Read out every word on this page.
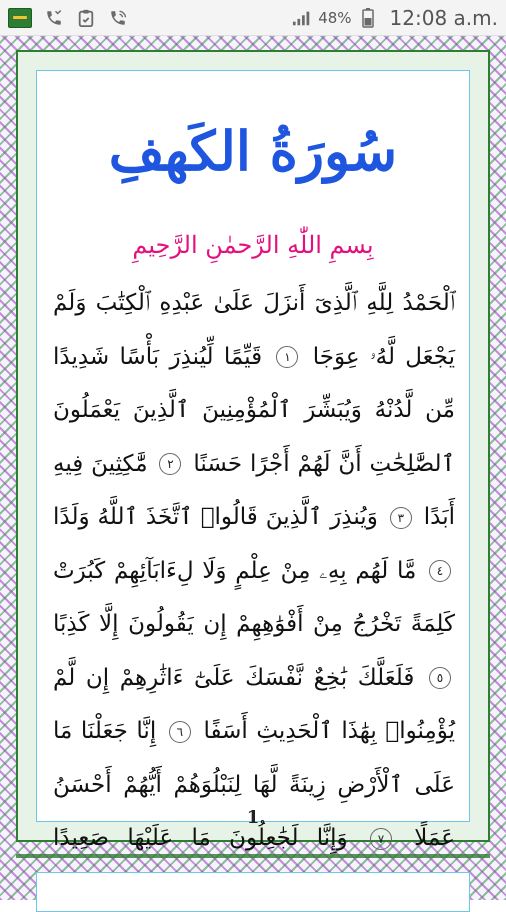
48% 12:08 a.m.
سُورَةُ الكَهفِ
بِسمِ اللّٰهِ الرَّحمٰنِ الرَّحِيمِ
ٱلْحَمْدُ لِلَّهِ ٱلَّذِىٓ أَنزَلَ عَلَىٰ عَبْدِهِ ٱلْكِتَٰبَ وَلَمْ يَجْعَل لَّهُۥ عِوَجَا ١ قَيِّمًا لِّيُنذِرَ بَأْسًا شَدِيدًا مِّن لَّدُنْهُ وَيُبَشِّرَ ٱلْمُؤْمِنِينَ ٱلَّذِينَ يَعْمَلُونَ ٱلصَّٰلِحَٰتِ أَنَّ لَهُمْ أَجْرًا حَسَنًا ٢ مَّٰكِثِينَ فِيهِ أَبَدًا ٣ وَيُنذِرَ ٱلَّذِينَ قَالُوا۟ ٱتَّخَذَ ٱللَّهُ وَلَدًا ٤ مَّا لَهُم بِهِۦ مِنْ عِلْمٍ وَلَا لِءَابَآئِهِمْ كَبُرَتْ كَلِمَةً تَخْرُجُ مِنْ أَفْوَٰهِهِمْ إِن يَقُولُونَ إِلَّا كَذِبًا ٥ فَلَعَلَّكَ بَٰخِعٌ نَّفْسَكَ عَلَىٰٓ ءَاثَٰرِهِمْ إِن لَّمْ يُؤْمِنُوا۟ بِهَٰذَا ٱلْحَدِيثِ أَسَفًا ٦ إِنَّا جَعَلْنَا مَا عَلَى ٱلْأَرْضِ زِينَةً لَّهَا لِنَبْلُوَهُمْ أَيُّهُمْ أَحْسَنُ عَمَلًا ٧ وَإِنَّا لَجَٰعِلُونَ مَا عَلَيْهَا صَعِيدًا
1
